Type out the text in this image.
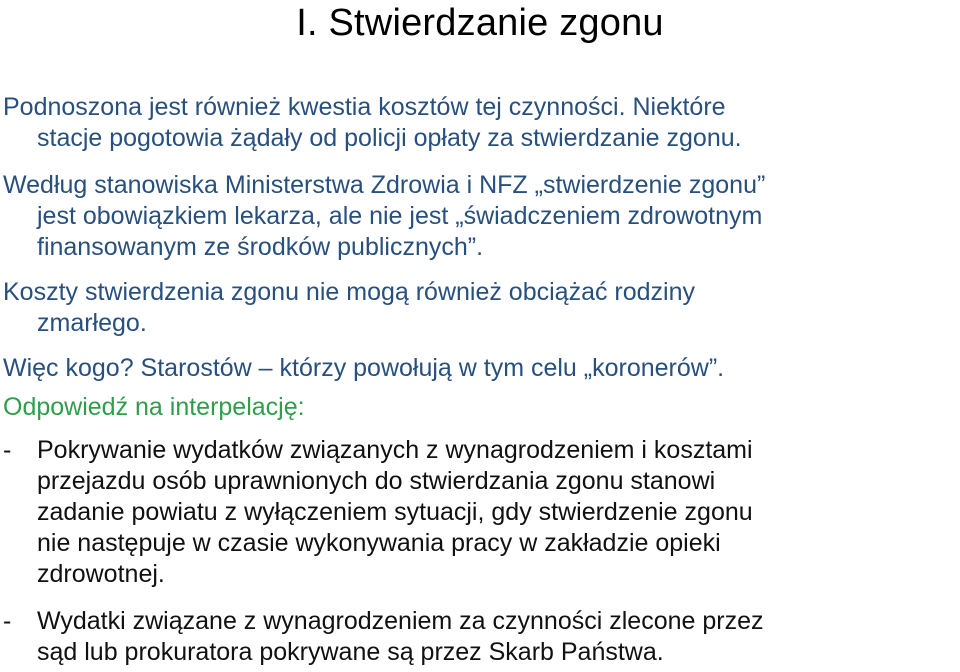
I. Stwierdzanie zgonu
Podnoszona jest również kwestia kosztów tej czynności. Niektóre
stacje pogotowia żądały od policji opłaty za stwierdzanie zgonu.
Według stanowiska Ministerstwa Zdrowia i NFZ „stwierdzenie zgonu”
jest obowiązkiem lekarza, ale nie jest „świadczeniem zdrowotnym
finansowanym ze środków publicznych”.
Koszty stwierdzenia zgonu nie mogą również obciążać rodziny
zmarłego.
Więc kogo? Starostów – którzy powołują w tym celu „koronerów”.
Odpowiedź na interpelację:
- Pokrywanie wydatków związanych z wynagrodzeniem i kosztami
przejazdu osób uprawnionych do stwierdzania zgonu stanowi
zadanie powiatu z wyłączeniem sytuacji, gdy stwierdzenie zgonu
nie następuje w czasie wykonywania pracy w zakładzie opieki
zdrowotnej.
- Wydatki związane z wynagrodzeniem za czynności zlecone przez
sąd lub prokuratora pokrywane są przez Skarb Państwa.
